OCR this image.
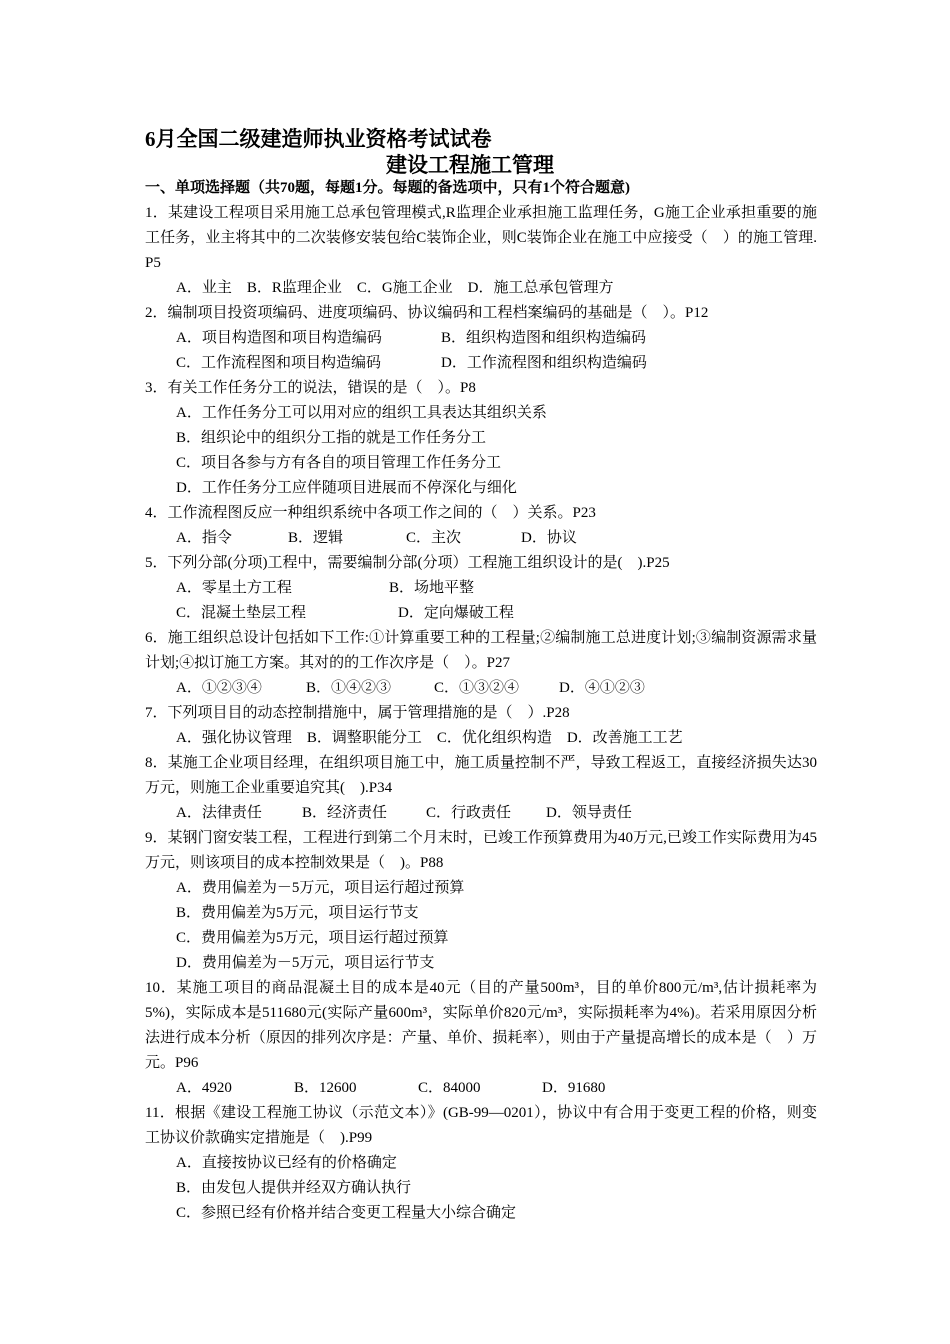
6月全国二级建造师执业资格考试试卷
建设工程施工管理

一、单项选择题（共70题，每题1分。每题的备选项中，只有1个符合题意)

1．某建设工程项目采用施工总承包管理模式,R监理企业承担施工监理任务，G施工企业承担重要的施工任务，业主将其中的二次装修安装包给C装饰企业，则C装饰企业在施工中应接受（　）的施工管理. P5

A．业主　B．R监理企业　C．G施工企业　D．施工总承包管理方

2．编制项目投资项编码、进度项编码、协议编码和工程档案编码的基础是（　）。P12

A．项目构造图和项目构造编码	B．组织构造图和组织构造编码

C．工作流程图和项目构造编码	D．工作流程图和组织构造编码

3．有关工作任务分工的说法，错误的是（　）。P8

A．工作任务分工可以用对应的组织工具表达其组织关系

B．组织论中的组织分工指的就是工作任务分工

C．项目各参与方有各自的项目管理工作任务分工

D．工作任务分工应伴随项目进展而不停深化与细化

4．工作流程图反应一种组织系统中各项工作之间的（　）关系。P23

A．指令	B．逻辑	C．主次	D．协议

5．下列分部(分项)工程中，需要编制分部(分项）工程施工组织设计的是(　).P25

A．零星土方工程	B．场地平整

C．混凝土垫层工程	D．定向爆破工程

6．施工组织总设计包括如下工作:①计算重要工种的工程量;②编制施工总进度计划;③编制资源需求量计划;④拟订施工方案。其对的的工作次序是（　）。P27

A．①②③④	B．①④②③	C．①③②④	D．④①②③

7．下列项目目的动态控制措施中，属于管理措施的是（　）.P28

A．强化协议管理　B．调整职能分工　C．优化组织构造　D．改善施工工艺

8．某施工企业项目经理，在组织项目施工中，施工质量控制不严，导致工程返工，直接经济损失达30万元，则施工企业重要追究其(　).P34

A．法律责任	B．经济责任	C．行政责任 D．领导责任

9．某钢门窗安装工程，工程进行到第二个月末时，已竣工作预算费用为40万元,已竣工作实际费用为45万元，则该项目的成本控制效果是（　)。P88

A．费用偏差为－5万元，项目运行超过预算

B．费用偏差为5万元，项目运行节支

C．费用偏差为5万元，项目运行超过预算

D．费用偏差为－5万元，项目运行节支

10．某施工项目的商品混凝土目的成本是40元（目的产量500m³，目的单价800元/m³,估计损耗率为5%)，实际成本是511680元(实际产量600m³，实际单价820元/m³，实际损耗率为4%)。若采用原因分析法进行成本分析（原因的排列次序是：产量、单价、损耗率），则由于产量提高增长的成本是（　）万元。P96

A．4920	B．12600	C．84000	D．91680

11．根据《建设工程施工协议（示范文本）》(GB-99—0201），协议中有合用于变更工程的价格，则变工协议价款确实定措施是（　).P99

A．直接按协议已经有的价格确定

B．由发包人提供并经双方确认执行

C．参照已经有价格并结合变更工程量大小综合确定
